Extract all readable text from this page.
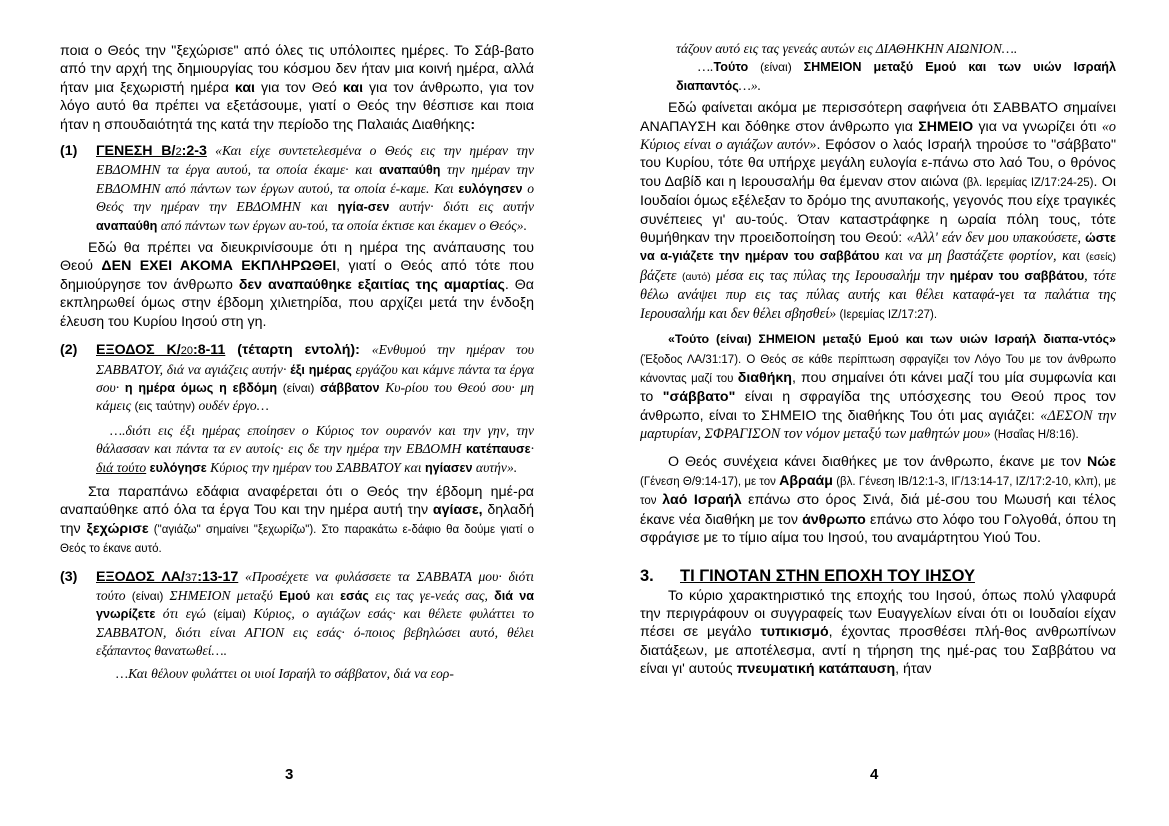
ποια ο Θεός την "ξεχώρισε" από όλες τις υπόλοιπες ημέρες. Το Σάβ-βατο από την αρχή της δημιουργίας του κόσμου δεν ήταν μια κοινή ημέρα, αλλά ήταν μια ξεχωριστή ημέρα και για τον Θεό και για τον άνθρωπο, για τον λόγο αυτό θα πρέπει να εξετάσουμε, γιατί ο Θεός την θέσπισε και ποια ήταν η σπουδαιότητά της κατά την περίοδο της Παλαιάς Διαθήκης:

(1) ΓΕΝΕΣΗ Β/2:2-3 «Και είχε συντετελεσμένα ο Θεός εις την ημέραν την ΕΒΔΟΜΗΝ τα έργα αυτού, τα οποία έκαμε· και αναπαύθη την ημέραν την ΕΒΔΟΜΗΝ από πάντων των έργων αυτού, τα οποία έ-καμε. Και ευλόγησεν ο Θεός την ημέραν την ΕΒΔΟΜΗΝ και ηγία-σεν αυτήν· διότι εις αυτήν αναπαύθη από πάντων των έργων αυ-τού, τα οποία έκτισε και έκαμεν ο Θεός».

Εδώ θα πρέπει να διευκρινίσουμε ότι η ημέρα της ανάπαυσης του Θεού ΔΕΝ ΕΧΕΙ ΑΚΟΜΑ ΕΚΠΛΗΡΩΘΕΙ, γιατί ο Θεός από τότε που δημιούργησε τον άνθρωπο δεν αναπαύθηκε εξαιτίας της αμαρτίας. Θα εκπληρωθεί όμως στην έβδομη χιλιετηρίδα, που αρχίζει μετά την ένδοξη έλευση του Κυρίου Ιησού στη γη.

(2) ΕΞΟΔΟΣ Κ/20:8-11 (τέταρτη εντολή): «Ενθυμού την ημέραν του ΣΑΒΒΑΤΟΥ, διά να αγιάζεις αυτήν· έξι ημέρας εργάζου και κάμνε πάντα τα έργα σου· η ημέρα όμως η εβδόμη (είναι) σάββατον Κυ-ρίου του Θεού σου· μη κάμεις (εις ταύτην) ουδέν έργο…

….διότι εις έξι ημέρας εποίησεν ο Κύριος τον ουρανόν και την γην, την θάλασσαν και πάντα τα εν αυτοίς· εις δε την ημέρα την ΕΒΔΟΜΗ κατέπαυσε· διά τούτο ευλόγησε Κύριος την ημέραν του ΣΑΒΒΑΤΟΥ και ηγίασεν αυτήν».

Στα παραπάνω εδάφια αναφέρεται ότι ο Θεός την έβδομη ημέ-ρα αναπαύθηκε από όλα τα έργα Του και την ημέρα αυτή την αγίασε, δηλαδή την ξεχώρισε ("αγιάζω" σημαίνει "ξεχωρίζω"). Στο παρακάτω ε-δάφιο θα δούμε γιατί ο Θεός το έκανε αυτό.

(3) ΕΞΟΔΟΣ ΛΑ/37:13-17 «Προσέχετε να φυλάσσετε τα ΣΑΒΒΑΤΑ μου· διότι τούτο (είναι) ΣΗΜΕΙΟΝ μεταξύ Εμού και εσάς εις τας γε-νεάς σας, διά να γνωρίζετε ότι εγώ (είμαι) Κύριος, ο αγιάζων εσάς· και θέλετε φυλάττει το ΣΑΒΒΑΤΟΝ, διότι είναι ΑΓΙΟΝ εις εσάς· ό-ποιος βεβηλώσει αυτό, θέλει εξάπαντος θανατωθεί….

…Και θέλουν φυλάττει οι υιοί Ισραήλ το σάββατον, διά να εορ-

3

τάζουν αυτό εις τας γενεάς αυτών εις ΔΙΑΘΗΚΗΝ ΑΙΩΝΙΟΝ….

….Τούτο (είναι) ΣΗΜΕΙΟΝ μεταξύ Εμού και των υιών Ισραήλ διαπαντός…».

Εδώ φαίνεται ακόμα με περισσότερη σαφήνεια ότι ΣΑΒΒΑΤΟ σημαίνει ΑΝΑΠΑΥΣΗ και δόθηκε στον άνθρωπο για ΣΗΜΕΙΟ για να γνωρίζει ότι «ο Κύριος είναι ο αγιάζων αυτόν». Εφόσον ο λαός Ισραήλ τηρούσε το "σάββατο" του Κυρίου, τότε θα υπήρχε μεγάλη ευλογία ε-πάνω στο λαό Του, ο θρόνος του Δαβίδ και η Ιερουσαλήμ θα έμεναν στον αιώνα (βλ. Ιερεμίας ΙΖ/17:24-25). Οι Ιουδαίοι όμως εξέλεξαν το δρόμο της ανυπακοής, γεγονός που είχε τραγικές συνέπειες γι' αυ-τούς. Όταν καταστράφηκε η ωραία πόλη τους, τότε θυμήθηκαν την προειδοποίηση του Θεού: «Αλλ' εάν δεν μου υπακούσετε, ώστε να α-γιάζετε την ημέραν του σαββάτου και να μη βαστάζετε φορτίον, και (εσείς) βάζετε (αυτό) μέσα εις τας πύλας της Ιερουσαλήμ την ημέραν του σαββάτου, τότε θέλω ανάψει πυρ εις τας πύλας αυτής και θέλει καταφά-γει τα παλάτια της Ιερουσαλήμ και δεν θέλει σβησθεί» (Ιερεμίας ΙΖ/17:27).

«Τούτο (είναι) ΣΗΜΕΙΟΝ μεταξύ Εμού και των υιών Ισραήλ διαπα-ντός» (Έξοδος ΛΑ/31:17). Ο Θεός σε κάθε περίπτωση σφραγίζει τον Λόγο Του με τον άνθρωπο κάνοντας μαζί του διαθήκη, που σημαίνει ότι κάνει μαζί του μία συμφωνία και το "σάββατο" είναι η σφραγίδα της υπόσχεσης του Θεού προς τον άνθρωπο, είναι το ΣΗΜΕΙΟ της διαθήκης Του ότι μας αγιάζει: «ΔΕΣΟΝ την μαρτυρίαν, ΣΦΡΑΓΙΣΟΝ τον νόμον μεταξύ των μαθητών μου» (Ησαΐας Η/8:16).

Ο Θεός συνέχεια κάνει διαθήκες με τον άνθρωπο, έκανε με τον Νώε (Γένεση Θ/9:14-17), με τον Αβραάμ (βλ. Γένεση ΙΒ/12:1-3, ΙΓ/13:14-17, ΙΖ/17:2-10, κλπ), με τον λαό Ισραήλ επάνω στο όρος Σινά, διά μέ-σου του Μωυσή και τέλος έκανε νέα διαθήκη με τον άνθρωπο επάνω στο λόφο του Γολγοθά, όπου τη σφράγισε με το τίμιο αίμα του Ιησού, του αναμάρτητου Υιού Του.

3. ΤΙ ΓΙΝΟΤΑΝ ΣΤΗΝ ΕΠΟΧΗ ΤΟΥ ΙΗΣΟΥ

Το κύριο χαρακτηριστικό της εποχής του Ιησού, όπως πολύ γλαφυρά την περιγράφουν οι συγγραφείς των Ευαγγελίων είναι ότι οι Ιουδαίοι είχαν πέσει σε μεγάλο τυπικισμό, έχοντας προσθέσει πλή-θος ανθρωπίνων διατάξεων, με αποτέλεσμα, αντί η τήρηση της ημέ-ρας του Σαββάτου να είναι γι' αυτούς πνευματική κατάπαυση, ήταν

4
